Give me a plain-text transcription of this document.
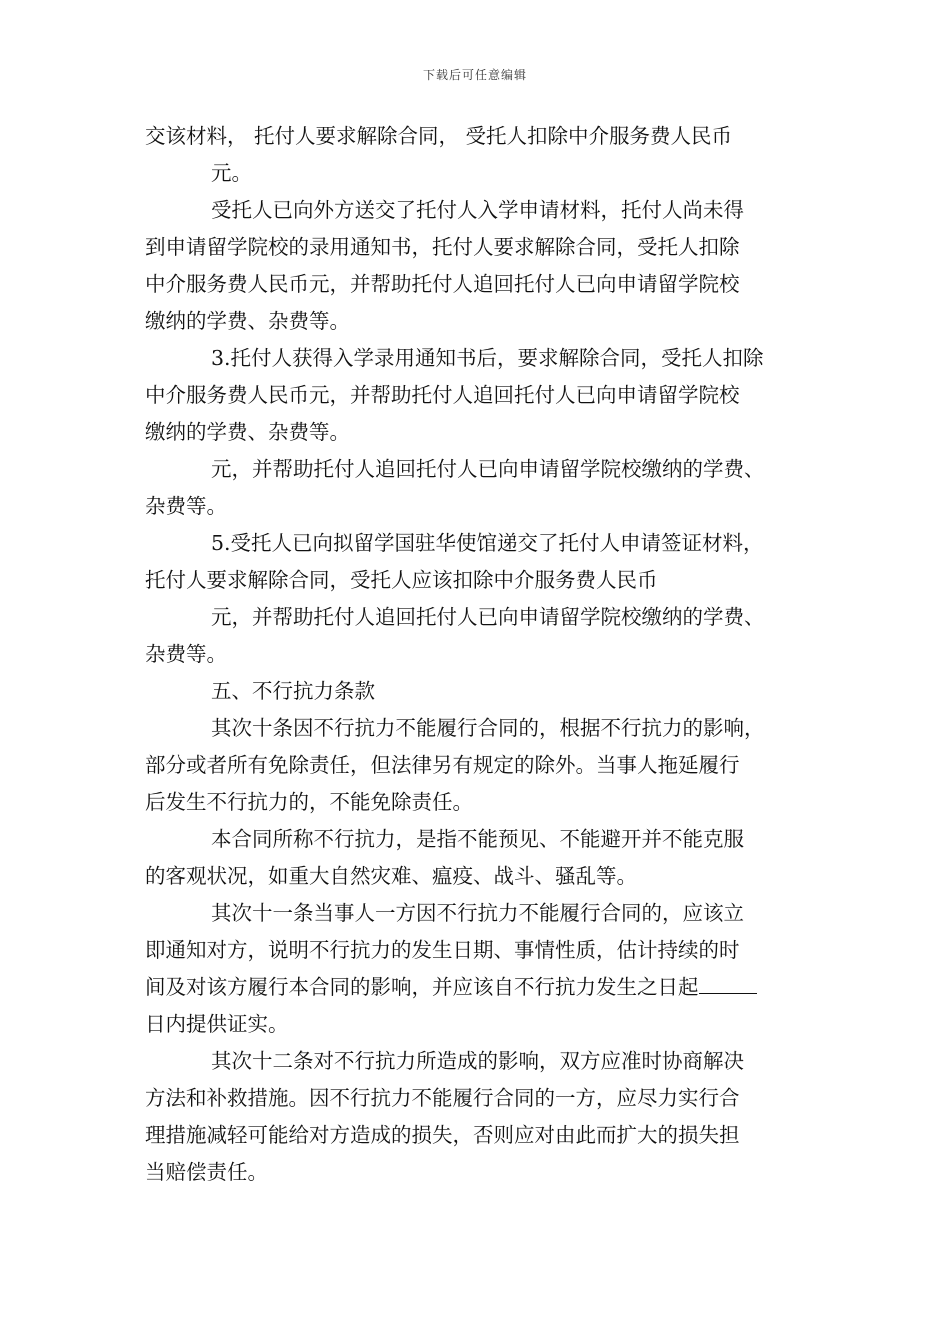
下载后可任意编辑
交该材料， 托付人要求解除合同， 受托人扣除中介服务费人民币
元。
受托人已向外方送交了托付人入学申请材料，托付人尚未得
到申请留学院校的录用通知书，托付人要求解除合同，受托人扣除
中介服务费人民币元，并帮助托付人追回托付人已向申请留学院校
缴纳的学费、杂费等。
3.托付人获得入学录用通知书后，要求解除合同，受托人扣除
中介服务费人民币元，并帮助托付人追回托付人已向申请留学院校
缴纳的学费、杂费等。
元，并帮助托付人追回托付人已向申请留学院校缴纳的学费、
杂费等。
5.受托人已向拟留学国驻华使馆递交了托付人申请签证材料，
托付人要求解除合同，受托人应该扣除中介服务费人民币
元，并帮助托付人追回托付人已向申请留学院校缴纳的学费、
杂费等。
五、不行抗力条款
其次十条因不行抗力不能履行合同的，根据不行抗力的影响，
部分或者所有免除责任，但法律另有规定的除外。当事人拖延履行
后发生不行抗力的，不能免除责任。
本合同所称不行抗力，是指不能预见、不能避开并不能克服
的客观状况，如重大自然灾难、瘟疫、战斗、骚乱等。
其次十一条当事人一方因不行抗力不能履行合同的，应该立
即通知对方，说明不行抗力的发生日期、事情性质，估计持续的时
间及对该方履行本合同的影响，并应该自不行抗力发生之日起
日内提供证实。
其次十二条对不行抗力所造成的影响，双方应准时协商解决
方法和补救措施。因不行抗力不能履行合同的一方，应尽力实行合
理措施减轻可能给对方造成的损失，否则应对由此而扩大的损失担
当赔偿责任。
